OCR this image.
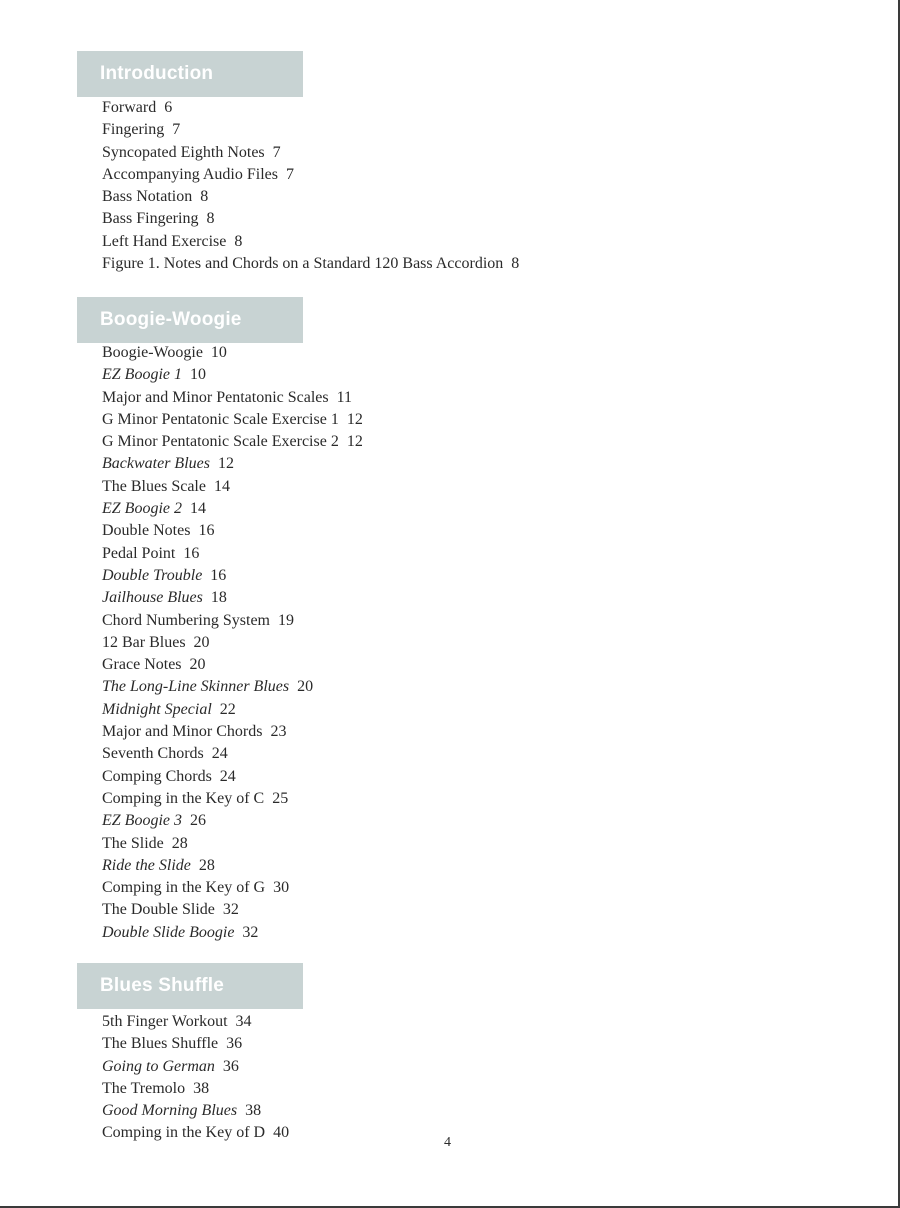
Introduction
Forward 6
Fingering 7
Syncopated Eighth Notes 7
Accompanying Audio Files 7
Bass Notation 8
Bass Fingering 8
Left Hand Exercise 8
Figure 1. Notes and Chords on a Standard 120 Bass Accordion 8
Boogie-Woogie
Boogie-Woogie 10
EZ Boogie 1 10
Major and Minor Pentatonic Scales 11
G Minor Pentatonic Scale Exercise 1 12
G Minor Pentatonic Scale Exercise 2 12
Backwater Blues 12
The Blues Scale 14
EZ Boogie 2 14
Double Notes 16
Pedal Point 16
Double Trouble 16
Jailhouse Blues 18
Chord Numbering System 19
12 Bar Blues 20
Grace Notes 20
The Long-Line Skinner Blues 20
Midnight Special 22
Major and Minor Chords 23
Seventh Chords 24
Comping Chords 24
Comping in the Key of C 25
EZ Boogie 3 26
The Slide 28
Ride the Slide 28
Comping in the Key of G 30
The Double Slide 32
Double Slide Boogie 32
Blues Shuffle
5th Finger Workout 34
The Blues Shuffle 36
Going to German 36
The Tremolo 38
Good Morning Blues 38
Comping in the Key of D 40
4
